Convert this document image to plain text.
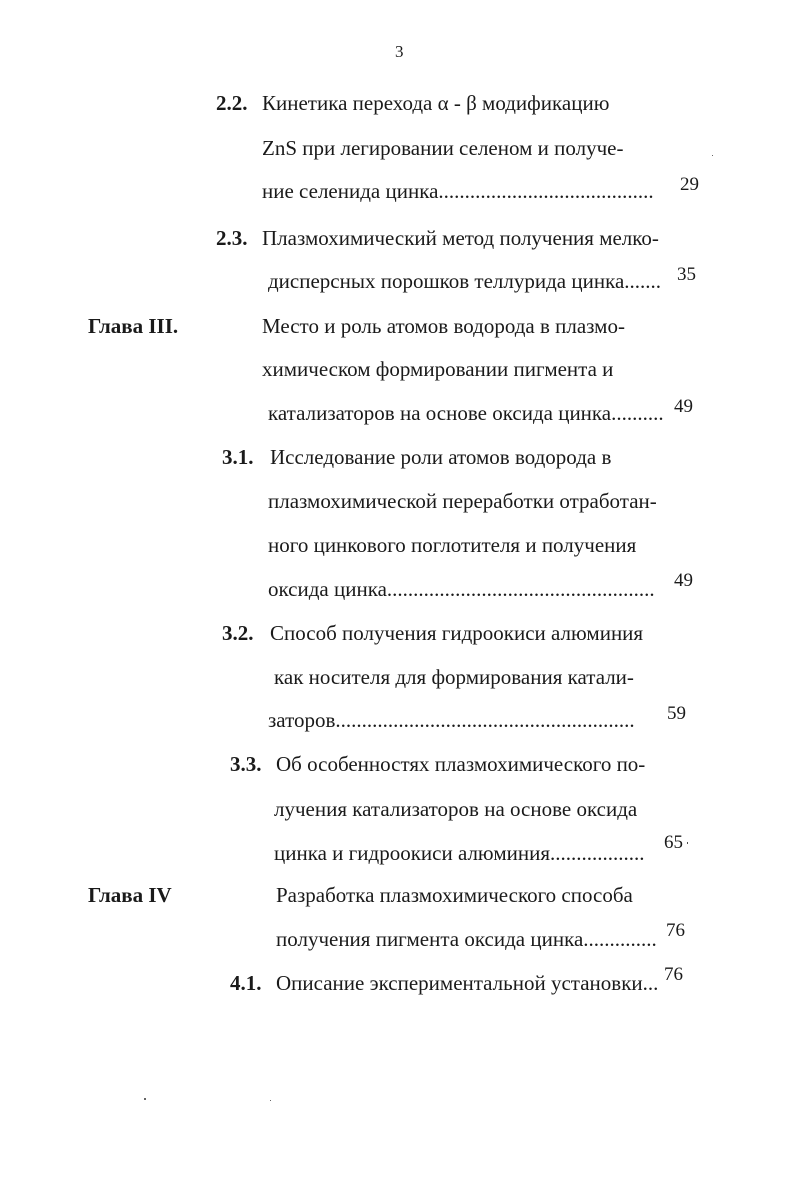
3
2.2. Кинетика перехода α - β модификацию
ZnS при легировании селеном и получе-
ние селенида цинка......................................... 29
2.3. Плазмохимический метод получения мелко-
дисперсных порошков теллурида цинка....... 35
Глава III.	Место и роль атомов водорода в плазмо-
химическом формировании пигмента и
катализаторов на основе оксида цинка.......... 49
3.1. Исследование роли атомов водорода в
плазмохимической переработки отработан-
ного цинкового поглотителя и получения
оксида цинка................................................... 49
3.2. Способ получения гидроокиси алюминия
как носителя для формирования катали-
заторов......................................................... 59
3.3. Об особенностях плазмохимического по-
лучения катализаторов на основе оксида
цинка и гидроокиси алюминия.................. 65
Глава IV	Разработка плазмохимического способа
получения пигмента оксида цинка.............. 76
4.1. Описание экспериментальной установки... 76
